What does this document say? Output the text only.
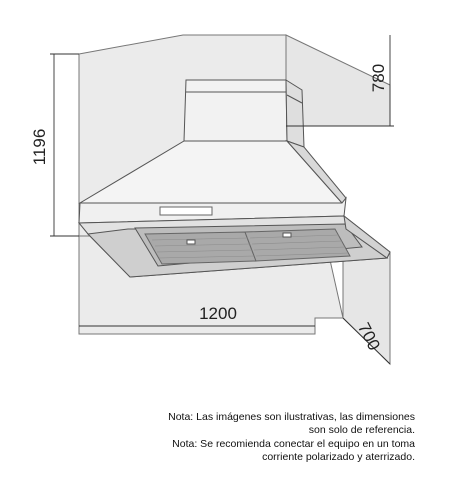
1196
780
1200
700
Nota: Las imágenes son ilustrativas, las dimensiones
son solo de referencia.
Nota: Se recomienda conectar el equipo en un toma
corriente polarizado y aterrizado.
